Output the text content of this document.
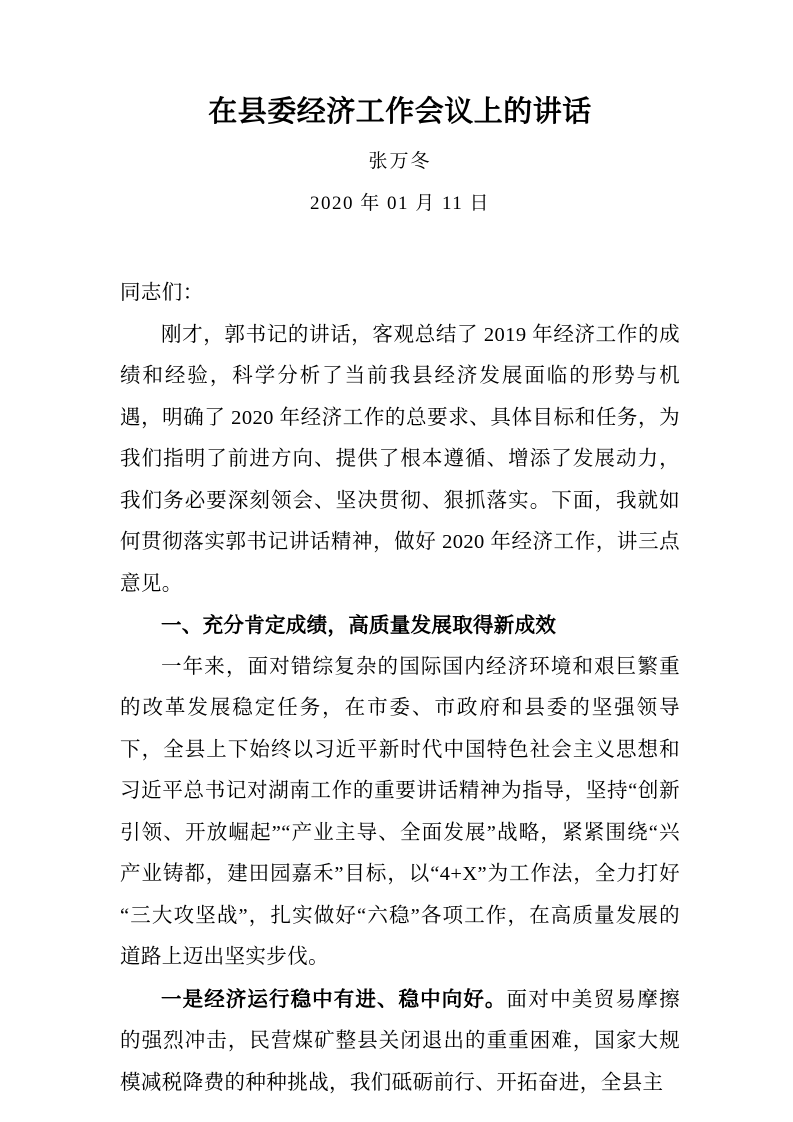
在县委经济工作会议上的讲话
张万冬
2020 年 01 月 11 日

同志们：

刚才，郭书记的讲话，客观总结了 2019 年经济工作的成绩和经验，科学分析了当前我县经济发展面临的形势与机遇，明确了 2020 年经济工作的总要求、具体目标和任务，为我们指明了前进方向、提供了根本遵循、增添了发展动力，我们务必要深刻领会、坚决贯彻、狠抓落实。下面，我就如何贯彻落实郭书记讲话精神，做好 2020 年经济工作，讲三点意见。

一、充分肯定成绩，高质量发展取得新成效

一年来，面对错综复杂的国际国内经济环境和艰巨繁重的改革发展稳定任务，在市委、市政府和县委的坚强领导下，全县上下始终以习近平新时代中国特色社会主义思想和习近平总书记对湖南工作的重要讲话精神为指导，坚持“创新引领、开放崛起”“产业主导、全面发展”战略，紧紧围绕“兴产业铸都，建田园嘉禾”目标，以“4+X”为工作法，全力打好“三大攻坚战”，扎实做好“六稳”各项工作，在高质量发展的道路上迈出坚实步伐。

一是经济运行稳中有进、稳中向好。面对中美贸易摩擦的强烈冲击，民营煤矿整县关闭退出的重重困难，国家大规模减税降费的种种挑战，我们砥砺前行、开拓奋进，全县主
